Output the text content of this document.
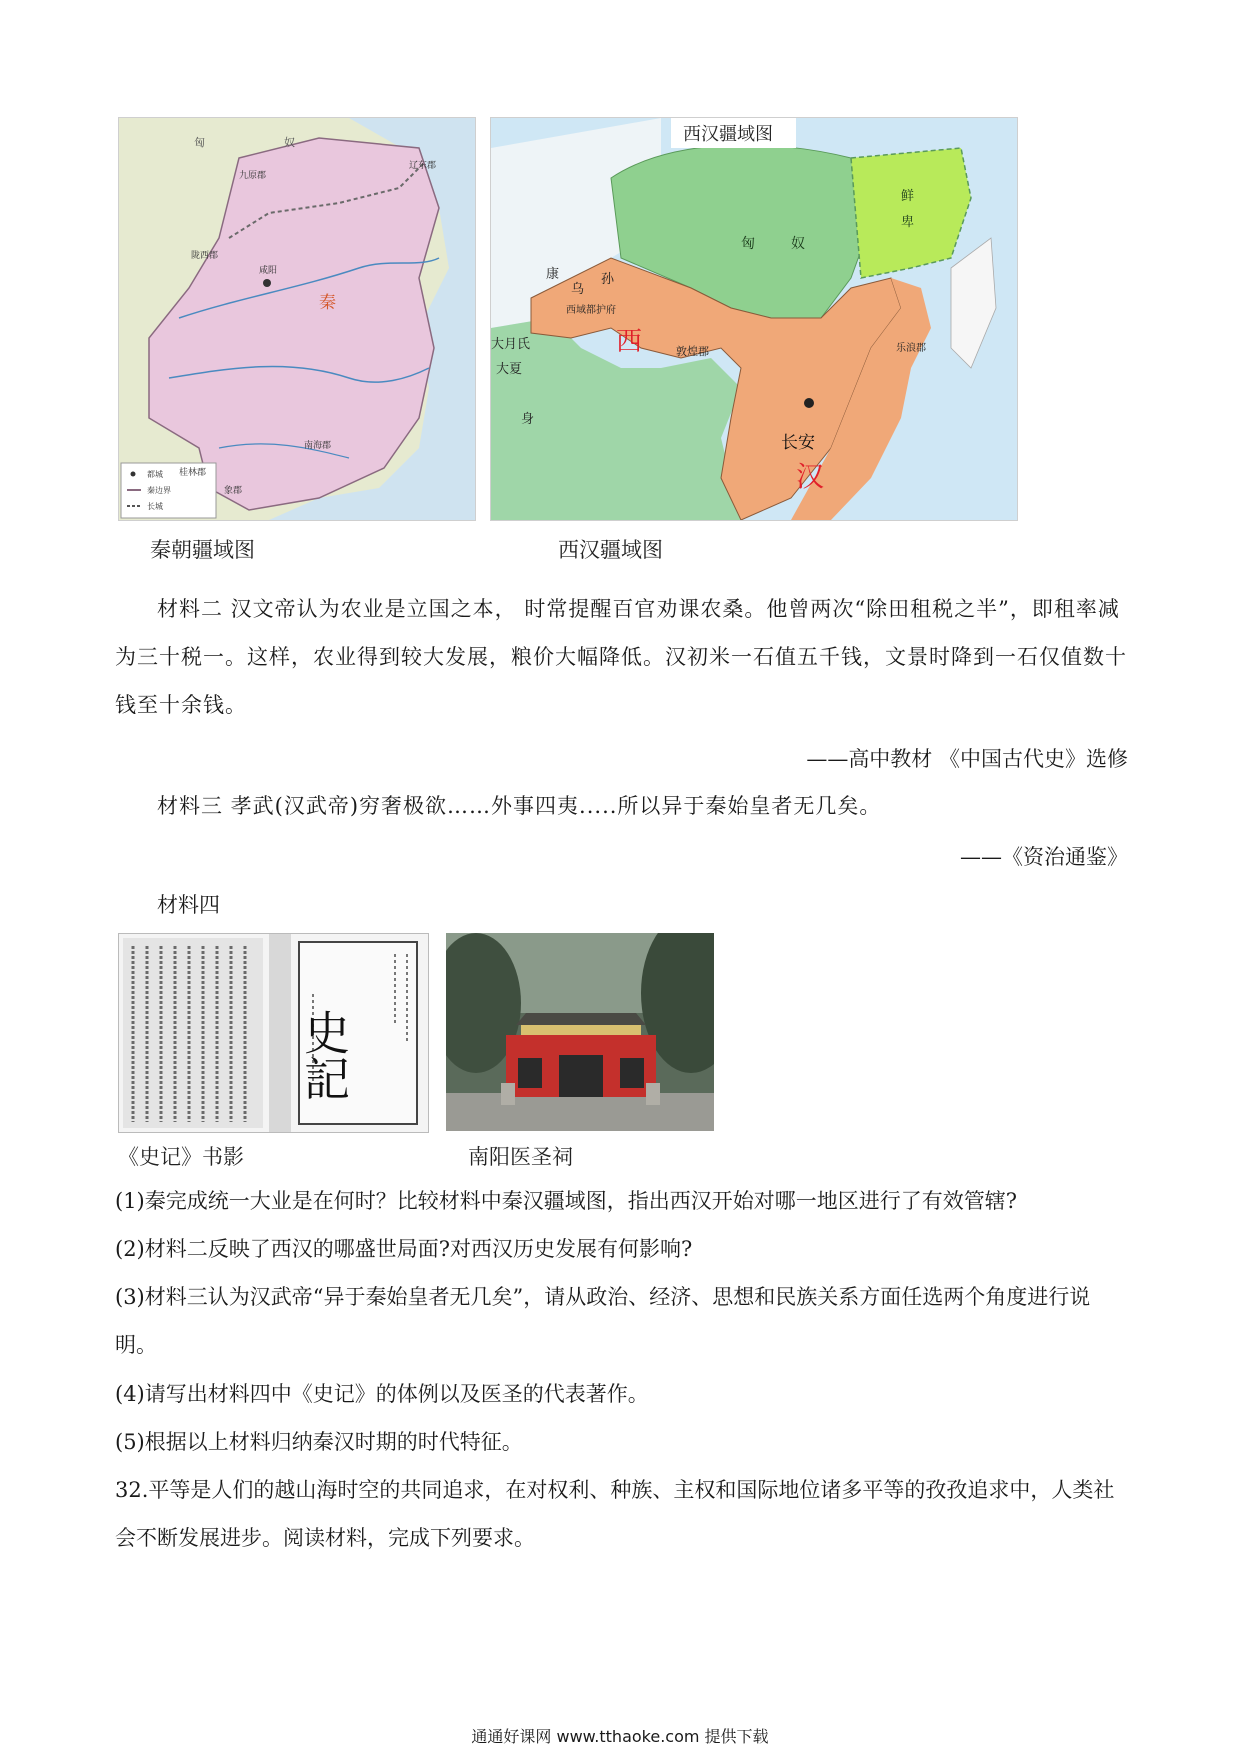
匈	奴
九原郡
辽东郡
陇西郡
咸阳
秦
桂林郡
象郡
南海郡
都城
秦边界
长城
秦朝疆域图
西汉疆域图
匈	奴
鲜
卑
乌
孙
西域都护府
西	敦煌郡
大月氏
大夏
身
康
长安
汉
乐浪郡
西汉疆域图

材料二 汉文帝认为农业是立国之本， 时常提醒百官劝课农桑。他曾两次“除田租税之半”，即租率减为三十税一。这样，农业得到较大发展，粮价大幅降低。汉初米一石值五千钱，文景时降到一石仅值数十钱至十余钱。

——高中教材 《中国古代史》选修

材料三 孝武(汉武帝)穷奢极欲……外事四夷.....所以异于秦始皇者无几矣。

——《资治通鉴》

材料四

史記
《史记》书影	南阳医圣祠

(1)秦完成统一大业是在何时？比较材料中秦汉疆域图，指出西汉开始对哪一地区进行了有效管辖?

(2)材料二反映了西汉的哪盛世局面?对西汉历史发展有何影响?

(3)材料三认为汉武帝“异于秦始皇者无几矣”，请从政治、经济、思想和民族关系方面任选两个角度进行说明。

(4)请写出材料四中《史记》的体例以及医圣的代表著作。

(5)根据以上材料归纳秦汉时期的时代特征。

32.平等是人们的越山海时空的共同追求，在对权利、种族、主权和国际地位诸多平等的孜孜追求中，人类社会不断发展进步。阅读材料，完成下列要求。

通通好课网 www.tthaoke.com 提供下载
